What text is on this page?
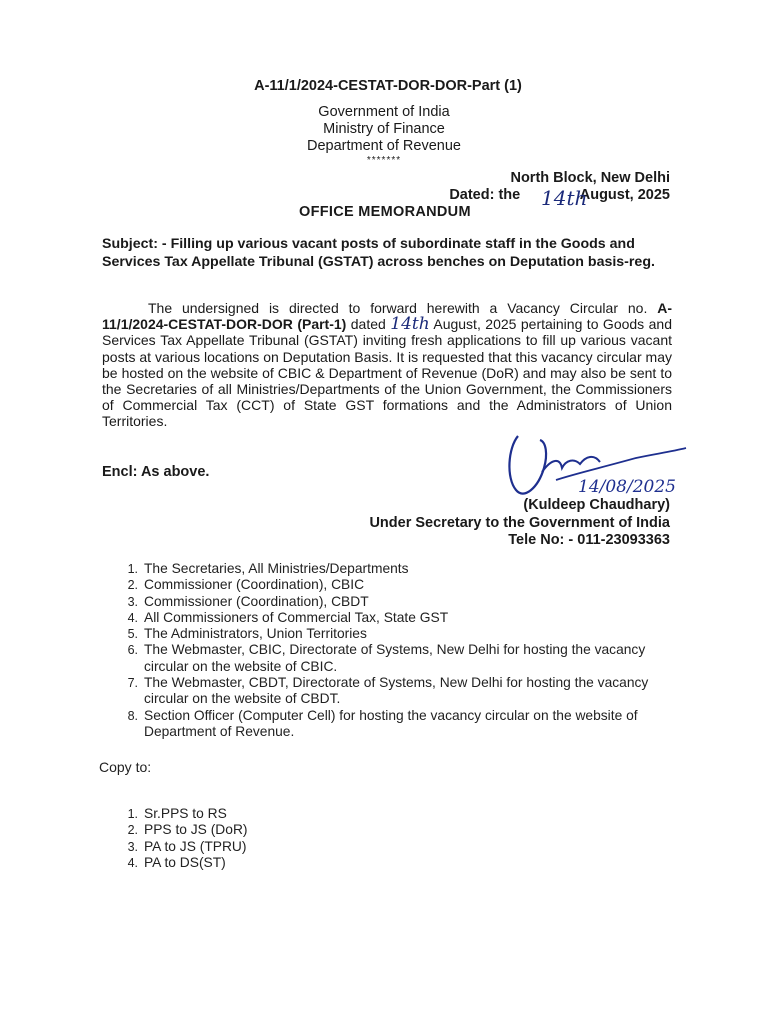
A-11/1/2024-CESTAT-DOR-DOR-Part (1)
Government of India
Ministry of Finance
Department of Revenue
*******
North Block, New Delhi
Dated: the	August, 2025
14th
OFFICE MEMORANDUM
Subject: - Filling up various vacant posts of subordinate staff in the Goods and Services Tax Appellate Tribunal (GSTAT) across benches on Deputation basis-reg.
The undersigned is directed to forward herewith a Vacancy Circular no. A-11/1/2024-CESTAT-DOR-DOR (Part-1) dated 14th August, 2025 pertaining to Goods and Services Tax Appellate Tribunal (GSTAT) inviting fresh applications to fill up various vacant posts at various locations on Deputation Basis. It is requested that this vacancy circular may be hosted on the website of CBIC & Department of Revenue (DoR) and may also be sent to the Secretaries of all Ministries/Departments of the Union Government, the Commissioners of Commercial Tax (CCT) of State GST formations and the Administrators of Union Territories.
Encl: As above.
14/08/2025
(Kuldeep Chaudhary)
Under Secretary to the Government of India
Tele No: - 011-23093363
1. The Secretaries, All Ministries/Departments
2. Commissioner (Coordination), CBIC
3. Commissioner (Coordination), CBDT
4. All Commissioners of Commercial Tax, State GST
5. The Administrators, Union Territories
6. The Webmaster, CBIC, Directorate of Systems, New Delhi for hosting the vacancy circular on the website of CBIC.
7. The Webmaster, CBDT, Directorate of Systems, New Delhi for hosting the vacancy circular on the website of CBDT.
8. Section Officer (Computer Cell) for hosting the vacancy circular on the website of Department of Revenue.
Copy to:
1. Sr.PPS to RS
2. PPS to JS (DoR)
3. PA to JS (TPRU)
4. PA to DS(ST)
